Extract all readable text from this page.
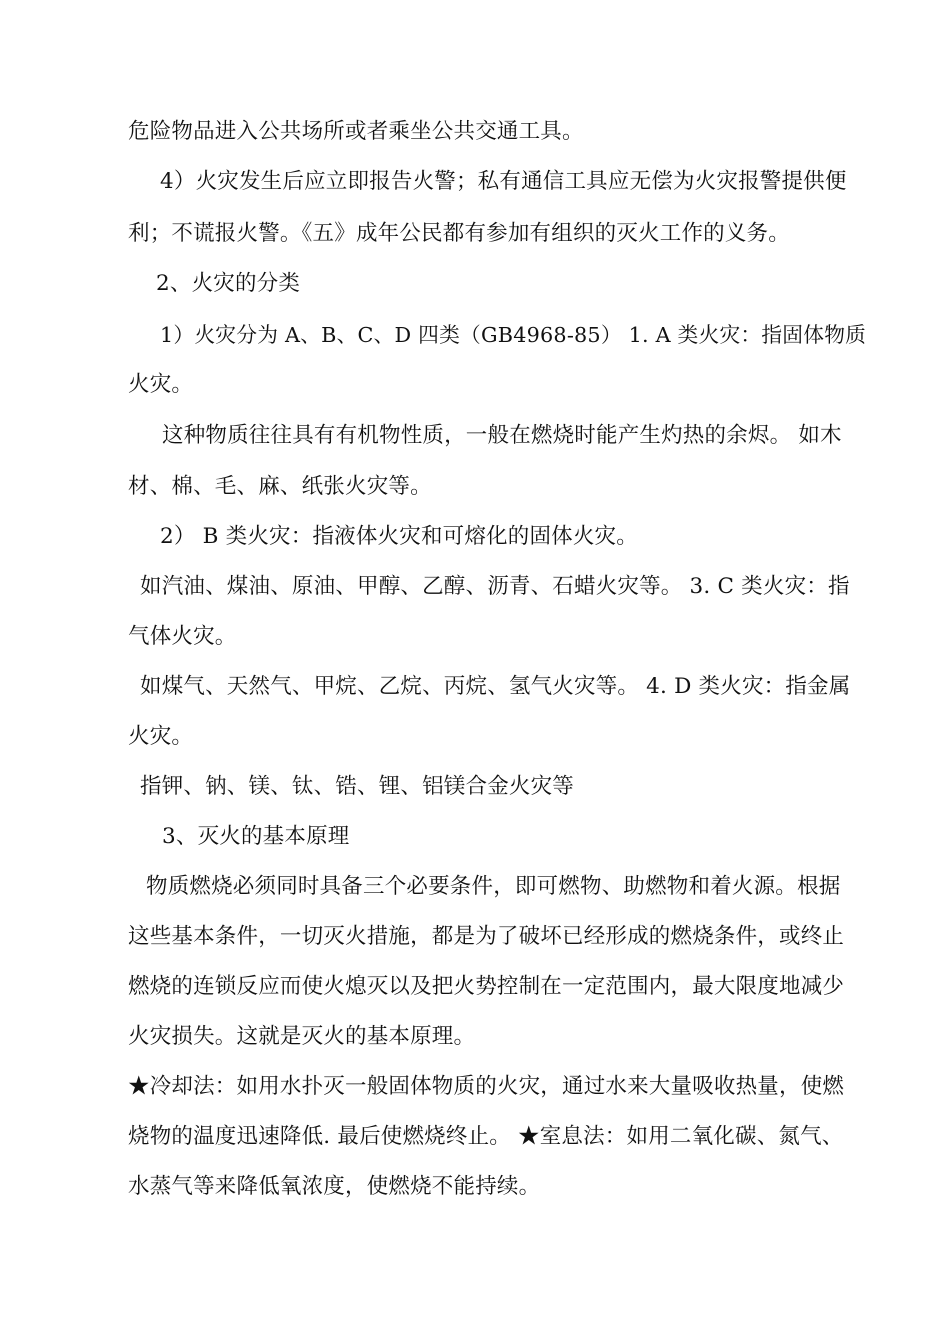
危险物品进入公共场所或者乘坐公共交通工具。
4）火灾发生后应立即报告火警；私有通信工具应无偿为火灾报警提供便
利；不谎报火警。《五》成年公民都有参加有组织的灭火工作的义务。
2、火灾的分类
1）火灾分为 A、B、C、D 四类（GB4968-85） 1. A 类火灾：指固体物质
火灾。
这种物质往往具有有机物性质，一般在燃烧时能产生灼热的余烬。 如木
材、棉、毛、麻、纸张火灾等。
2） B 类火灾：指液体火灾和可熔化的固体火灾。
如汽油、煤油、原油、甲醇、乙醇、沥青、石蜡火灾等。 3. C 类火灾：指
气体火灾。
如煤气、天然气、甲烷、乙烷、丙烷、氢气火灾等。 4. D 类火灾：指金属
火灾。
指钾、钠、镁、钛、锆、锂、铝镁合金火灾等
3、灭火的基本原理
物质燃烧必须同时具备三个必要条件，即可燃物、助燃物和着火源。根据
这些基本条件，一切灭火措施，都是为了破坏已经形成的燃烧条件，或终止
燃烧的连锁反应而使火熄灭以及把火势控制在一定范围内，最大限度地减少
火灾损失。这就是灭火的基本原理。
★冷却法：如用水扑灭一般固体物质的火灾，通过水来大量吸收热量，使燃
烧物的温度迅速降低. 最后使燃烧终止。 ★室息法：如用二氧化碳、氮气、
水蒸气等来降低氧浓度，使燃烧不能持续。
